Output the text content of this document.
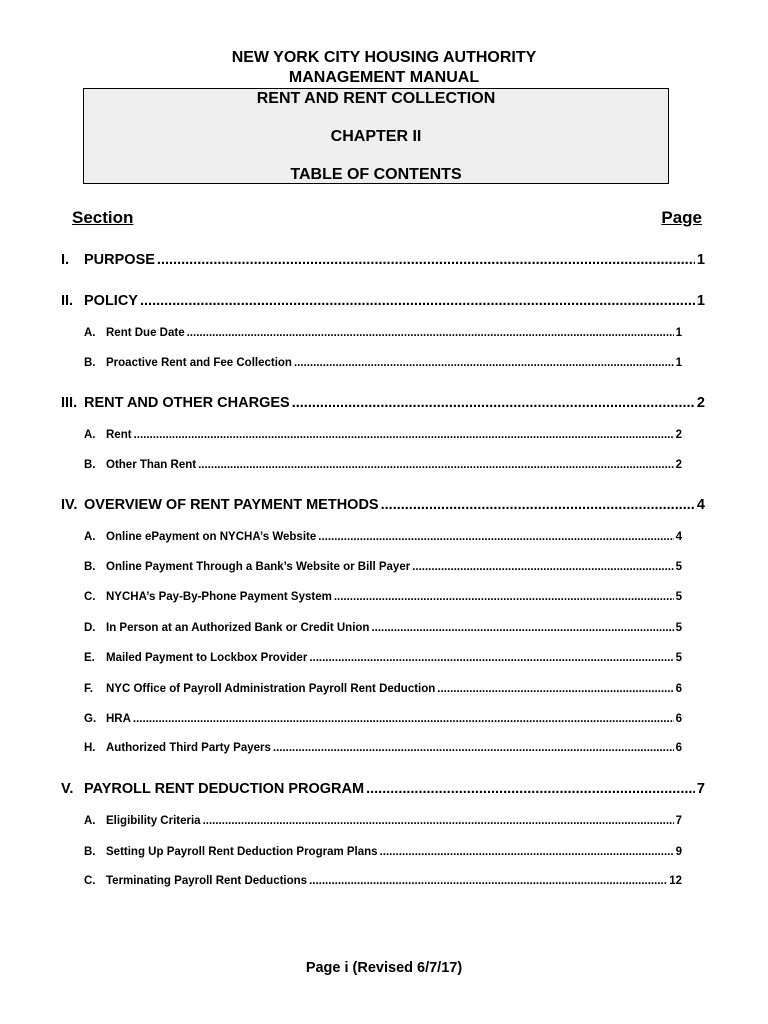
NEW YORK CITY HOUSING AUTHORITY
MANAGEMENT MANUAL
RENT AND RENT COLLECTION
CHAPTER II
TABLE OF CONTENTS
Section	Page
I.	PURPOSE .....	1
II. POLICY .....	1
A. Rent Due Date .....	1
B. Proactive Rent and Fee Collection .....	1
III. RENT AND OTHER CHARGES .....	2
A. Rent .....	2
B. Other Than Rent .....	2
IV. OVERVIEW OF RENT PAYMENT METHODS .....	4
A. Online ePayment on NYCHA’s Website .....	4
B. Online Payment Through a Bank’s Website or Bill Payer .....	5
C. NYCHA’s Pay-By-Phone Payment System .....	5
D. In Person at an Authorized Bank or Credit Union .....	5
E. Mailed Payment to Lockbox Provider .....	5
F.	NYC Office of Payroll Administration Payroll Rent Deduction .....	6
G. HRA .....	6
H. Authorized Third Party Payers .....	6
V. PAYROLL RENT DEDUCTION PROGRAM .....	7
A. Eligibility Criteria .....	7
B. Setting Up Payroll Rent Deduction Program Plans .....	9
C. Terminating Payroll Rent Deductions .....	12
Page i (Revised 6/7/17)
